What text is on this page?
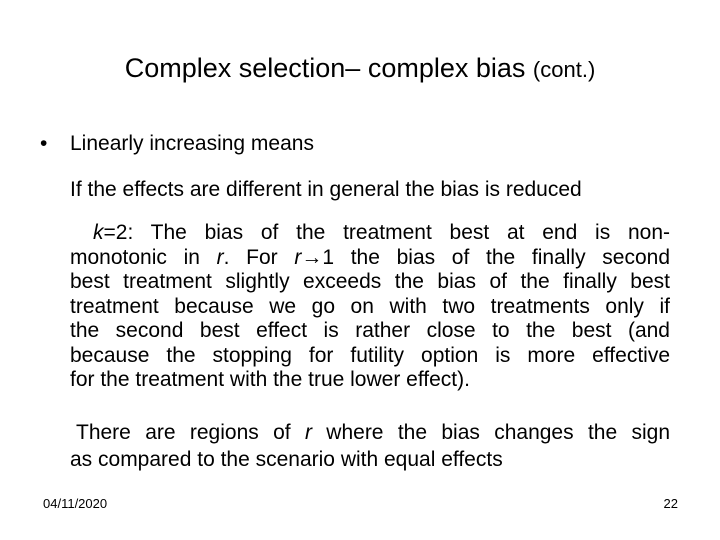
Complex selection– complex bias (cont.)
• Linearly increasing means
If the effects are different in general the bias is reduced
k=2: The bias of the treatment best at end is non-
monotonic in r. For r→1 the bias of the finally second
best treatment slightly exceeds the bias of the finally best
treatment because we go on with two treatments only if
the second best effect is rather close to the best (and
because the stopping for futility option is more effective
for the treatment with the true lower effect).
There are regions of r where the bias changes the sign
as compared to the scenario with equal effects
04/11/2020	22
